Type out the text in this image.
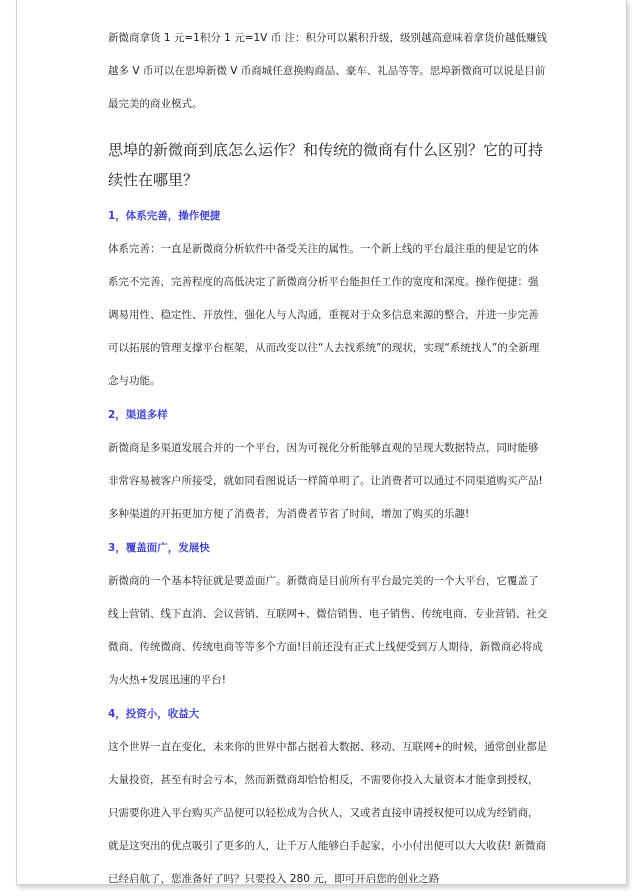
新微商拿货 1 元=1积分 1 元=1V 币 注：积分可以累积升级，级别越高意味着拿货价越低赚钱越多 V 币可以在思埠新微 V 币商城任意换购商品、豪车、礼品等等。思埠新微商可以说是目前最完美的商业模式。

思埠的新微商到底怎么运作？和传统的微商有什么区别？它的可持续性在哪里？

1，体系完善，操作便捷

体系完善：一直是新微商分析软件中备受关注的属性。一个新上线的平台最注重的便是它的体系完不完善，完善程度的高低决定了新微商分析平台能担任工作的宽度和深度。操作便捷：强调易用性、稳定性、开放性，强化人与人沟通，重视对于众多信息来源的整合，并进一步完善可以拓展的管理支撑平台框架，从而改变以往“人去找系统”的现状，实现“系统找人”的全新理念与功能。

2，渠道多样

新微商是多渠道发展合并的一个平台，因为可视化分析能够直观的呈现大数据特点，同时能够非常容易被客户所接受，就如同看图说话一样简单明了。让消费者可以通过不同渠道购买产品!多种渠道的开拓更加方便了消费者，为消费者节省了时间，增加了购买的乐趣!

3，覆盖面广，发展快

新微商的一个基本特征就是要盖面广。新微商是目前所有平台最完美的一个大平台，它覆盖了线上营销、线下直消、会议营销、互联网+、微信销售、电子销售、传统电商、专业营销、社交微商、传统微商、传统电商等等多个方面!目前还没有正式上线便受到万人期待，新微商必将成为火热+发展迅速的平台!

4，投资小，收益大

这个世界一直在变化，未来你的世界中都占据着大数据、移动、互联网+的时候，通常创业都是大量投资，甚至有时会亏本，然而新微商却恰恰相反，不需要你投入大量资本才能拿到授权，只需要你进入平台购买产品便可以轻松成为合伙人，又或者直接申请授权便可以成为经销商，就是这突出的优点吸引了更多的人，让千万人能够白手起家，小小付出便可以大大收获! 新微商已经启航了，您准备好了吗？只要投入 280 元，即可开启您的创业之路
